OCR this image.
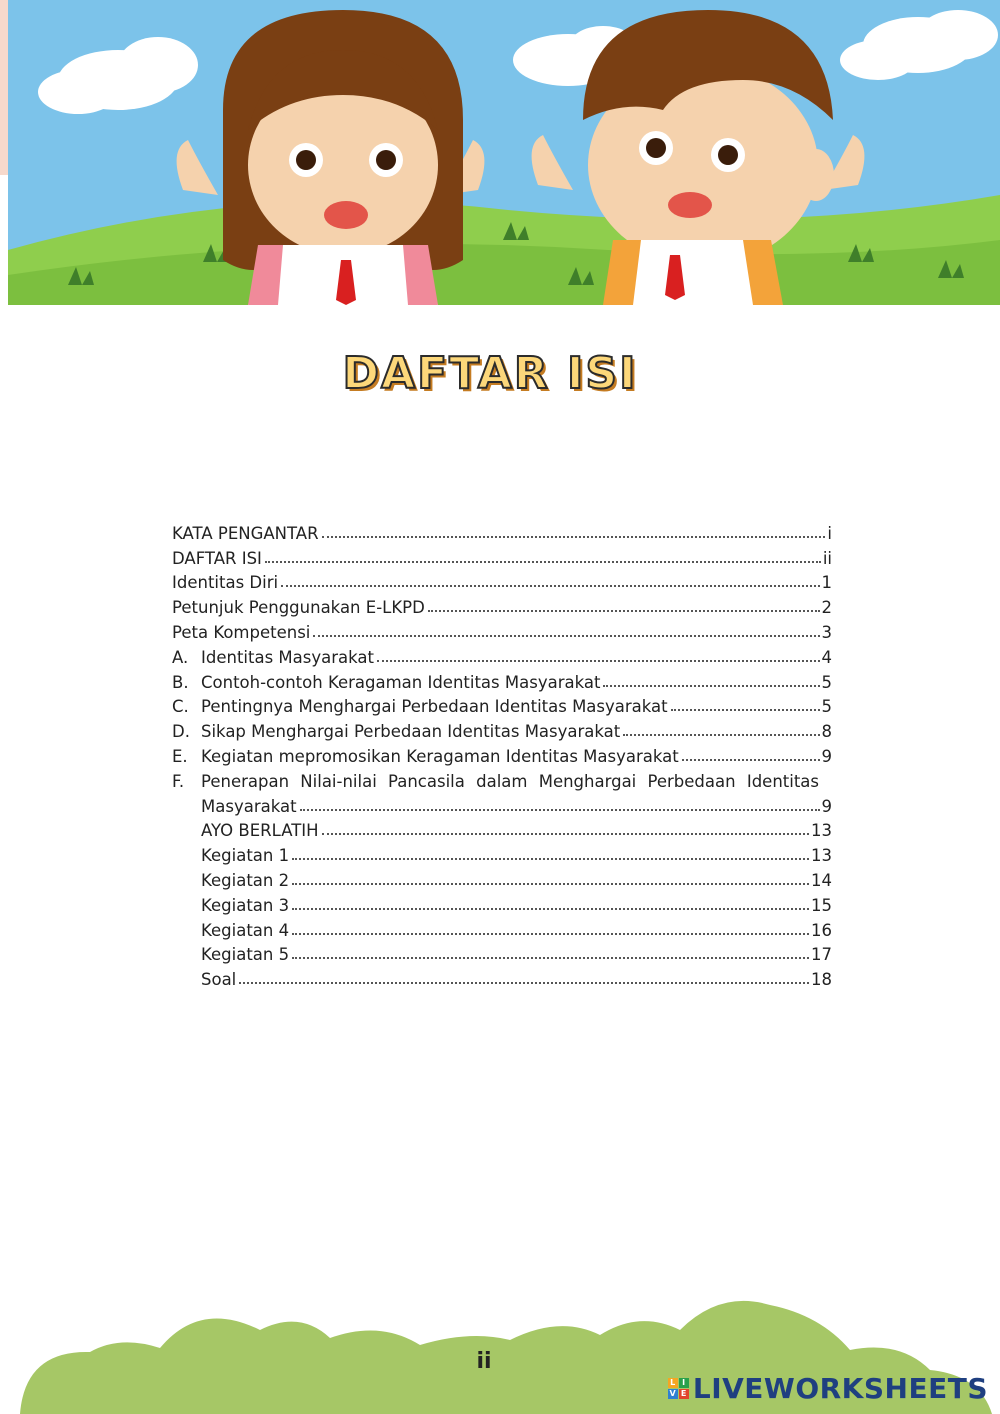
DAFTAR ISI
KATA PENGANTAR	i
DAFTAR ISI	ii
Identitas Diri	1
Petunjuk Penggunakan E-LKPD	2
Peta Kompetensi	3
A. Identitas Masyarakat	4
B. Contoh-contoh Keragaman Identitas Masyarakat	5
C. Pentingnya Menghargai Perbedaan Identitas Masyarakat	5
D. Sikap Menghargai Perbedaan Identitas Masyarakat	8
E. Kegiatan mepromosikan Keragaman Identitas Masyarakat	9
F.	Penerapan Nilai-nilai Pancasila dalam Menghargai Perbedaan Identitas
Masyarakat	9
AYO BERLATIH	13
Kegiatan 1	13
Kegiatan 2	14
Kegiatan 3	15
Kegiatan 4	16
Kegiatan 5	17
Soal	18
ii
L I
V E LIVEWORKSHEETS
